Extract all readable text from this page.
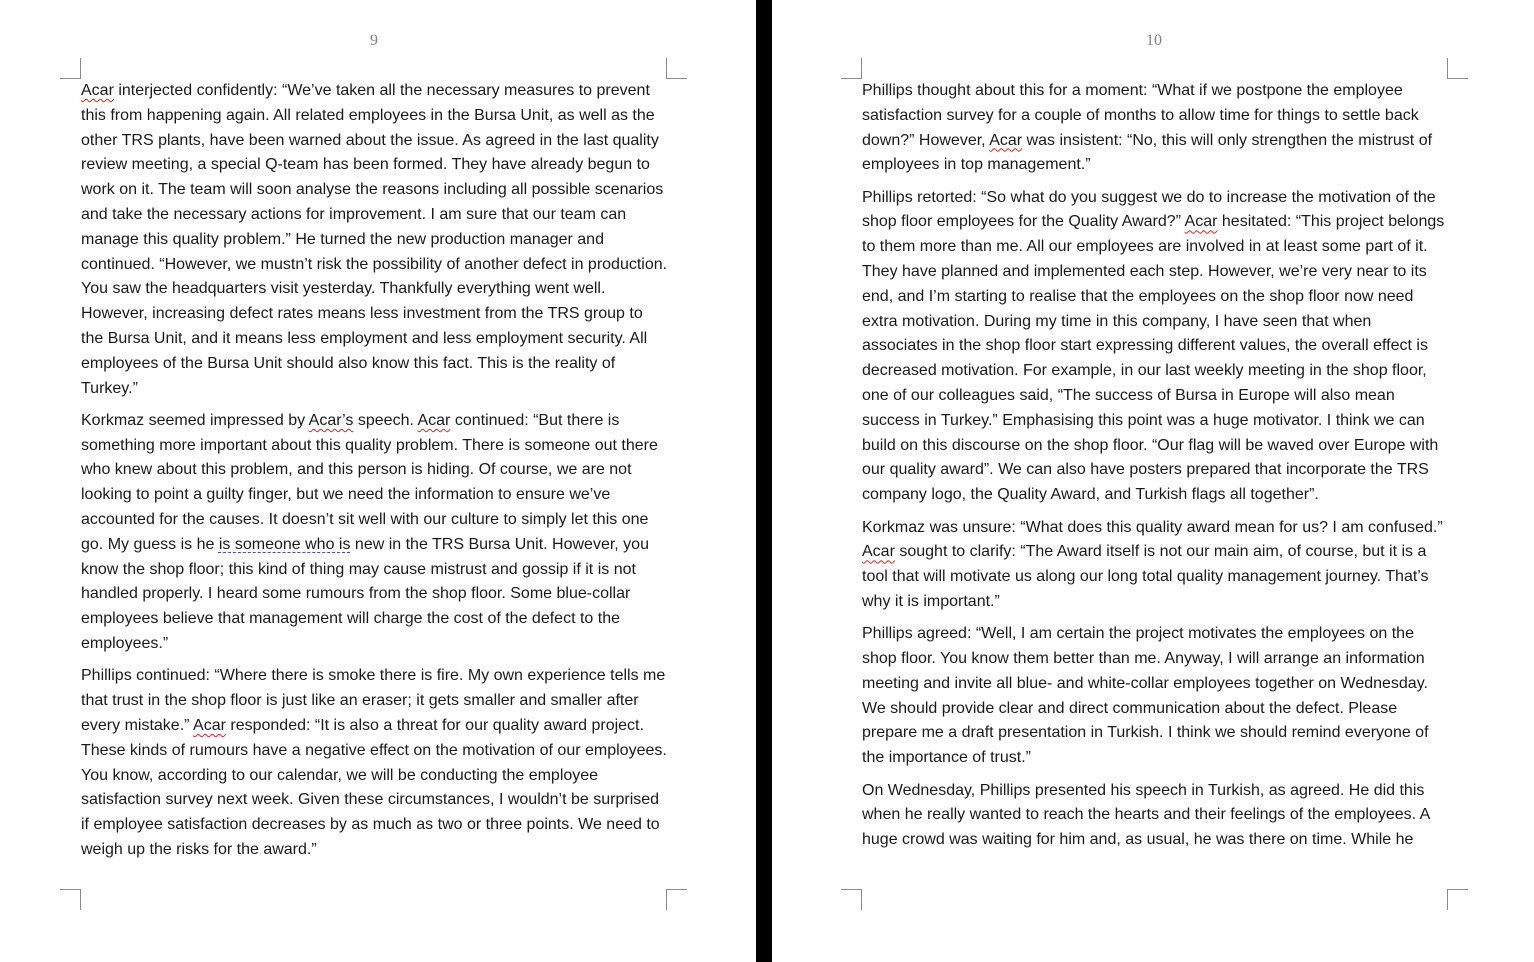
9

Acar interjected confidently: “We’ve taken all the necessary measures to prevent this from happening again. All related employees in the Bursa Unit, as well as the other TRS plants, have been warned about the issue. As agreed in the last quality review meeting, a special Q-team has been formed. They have already begun to work on it. The team will soon analyse the reasons including all possible scenarios and take the necessary actions for improvement. I am sure that our team can manage this quality problem.” He turned the new production manager and continued. “However, we mustn’t risk the possibility of another defect in production. You saw the headquarters visit yesterday. Thankfully everything went well. However, increasing defect rates means less investment from the TRS group to the Bursa Unit, and it means less employment and less employment security. All employees of the Bursa Unit should also know this fact. This is the reality of Turkey.”

Korkmaz seemed impressed by Acar’s speech. Acar continued: “But there is something more important about this quality problem. There is someone out there who knew about this problem, and this person is hiding. Of course, we are not looking to point a guilty finger, but we need the information to ensure we’ve accounted for the causes. It doesn’t sit well with our culture to simply let this one go. My guess is he is someone who is new in the TRS Bursa Unit. However, you know the shop floor; this kind of thing may cause mistrust and gossip if it is not handled properly. I heard some rumours from the shop floor. Some blue-collar employees believe that management will charge the cost of the defect to the employees.”

Phillips continued: “Where there is smoke there is fire. My own experience tells me that trust in the shop floor is just like an eraser; it gets smaller and smaller after every mistake.” Acar responded: “It is also a threat for our quality award project. These kinds of rumours have a negative effect on the motivation of our employees. You know, according to our calendar, we will be conducting the employee satisfaction survey next week. Given these circumstances, I wouldn’t be surprised if employee satisfaction decreases by as much as two or three points. We need to weigh up the risks for the award.”

10

Phillips thought about this for a moment: “What if we postpone the employee satisfaction survey for a couple of months to allow time for things to settle back down?” However, Acar was insistent: “No, this will only strengthen the mistrust of employees in top management.”

Phillips retorted: “So what do you suggest we do to increase the motivation of the shop floor employees for the Quality Award?” Acar hesitated: “This project belongs to them more than me. All our employees are involved in at least some part of it. They have planned and implemented each step. However, we’re very near to its end, and I’m starting to realise that the employees on the shop floor now need extra motivation. During my time in this company, I have seen that when associates in the shop floor start expressing different values, the overall effect is decreased motivation. For example, in our last weekly meeting in the shop floor, one of our colleagues said, “The success of Bursa in Europe will also mean success in Turkey.” Emphasising this point was a huge motivator. I think we can build on this discourse on the shop floor. “Our flag will be waved over Europe with our quality award”. We can also have posters prepared that incorporate the TRS company logo, the Quality Award, and Turkish flags all together”.

Korkmaz was unsure: “What does this quality award mean for us? I am confused.” Acar sought to clarify: “The Award itself is not our main aim, of course, but it is a tool that will motivate us along our long total quality management journey. That’s why it is important.”

Phillips agreed: “Well, I am certain the project motivates the employees on the shop floor. You know them better than me. Anyway, I will arrange an information meeting and invite all blue- and white-collar employees together on Wednesday. We should provide clear and direct communication about the defect. Please prepare me a draft presentation in Turkish. I think we should remind everyone of the importance of trust.”

On Wednesday, Phillips presented his speech in Turkish, as agreed. He did this when he really wanted to reach the hearts and their feelings of the employees. A huge crowd was waiting for him and, as usual, he was there on time. While he
